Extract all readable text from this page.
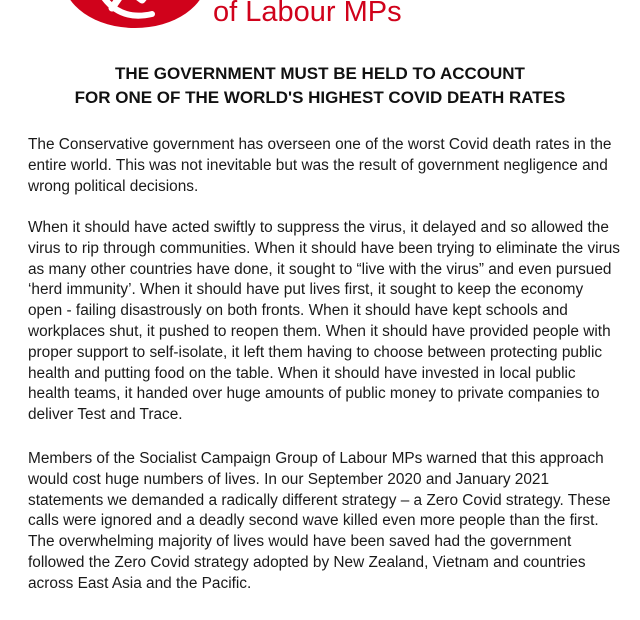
of Labour MPs
THE GOVERNMENT MUST BE HELD TO ACCOUNT
FOR ONE OF THE WORLD'S HIGHEST COVID DEATH RATES

The Conservative government has overseen one of the worst Covid death rates in the entire world. This was not inevitable but was the result of government negligence and wrong political decisions.

When it should have acted swiftly to suppress the virus, it delayed and so allowed the virus to rip through communities. When it should have been trying to eliminate the virus as many other countries have done, it sought to “live with the virus” and even pursued ‘herd immunity’. When it should have put lives first, it sought to keep the economy open - failing disastrously on both fronts. When it should have kept schools and workplaces shut, it pushed to reopen them. When it should have provided people with proper support to self-isolate, it left them having to choose between protecting public health and putting food on the table. When it should have invested in local public health teams, it handed over huge amounts of public money to private companies to deliver Test and Trace.

Members of the Socialist Campaign Group of Labour MPs warned that this approach would cost huge numbers of lives. In our September 2020 and January 2021 statements we demanded a radically different strategy – a Zero Covid strategy. These calls were ignored and a deadly second wave killed even more people than the first. The overwhelming majority of lives would have been saved had the government followed the Zero Covid strategy adopted by New Zealand, Vietnam and countries across East Asia and the Pacific.
